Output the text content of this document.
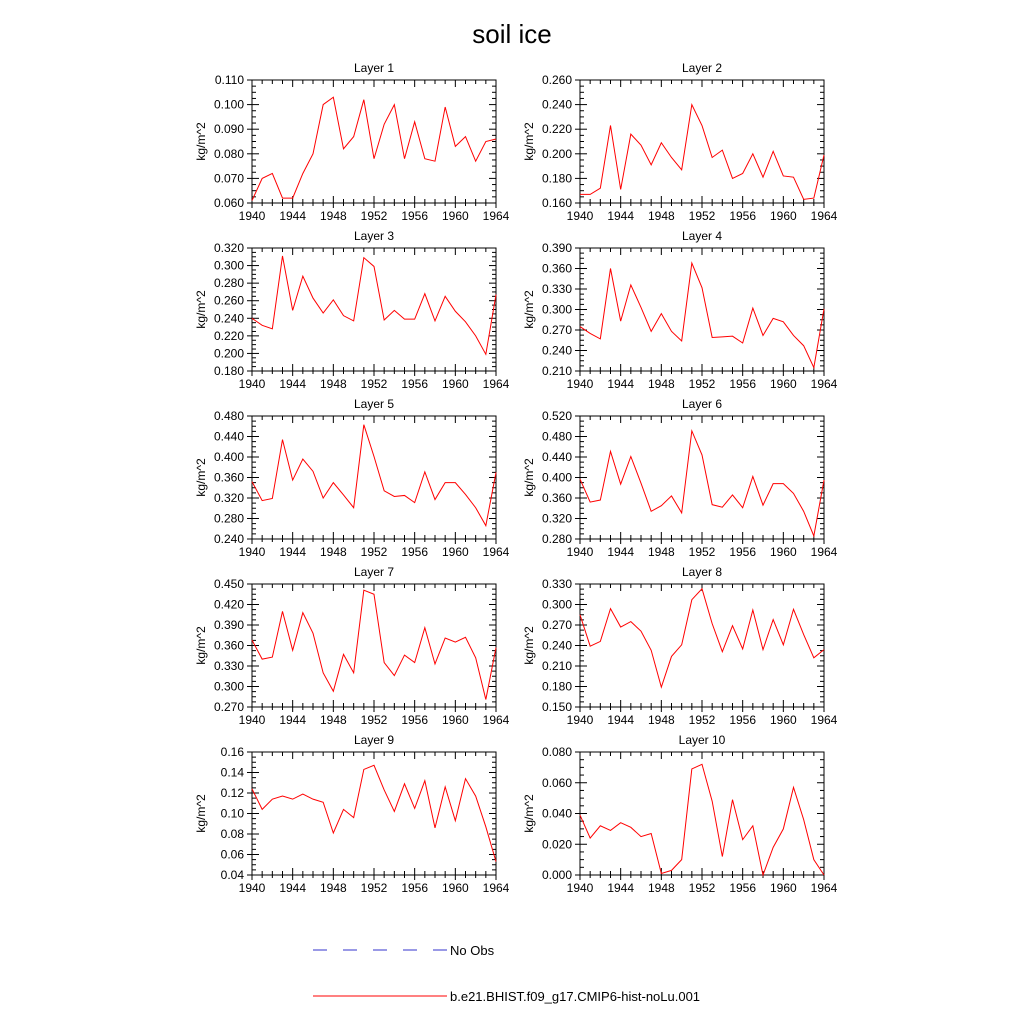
soil ice
Layer 1
1940 1944 1948 1952 1956 1960 1964
0.060
0.070
0.080
0.090
0.100
0.110
kg/m^2
Layer 2
1940 1944 1948 1952 1956 1960 1964
0.160
0.180
0.200
0.220
0.240
0.260
kg/m^2
Layer 3
1940 1944 1948 1952 1956 1960 1964
0.180
0.200
0.220
0.240
0.260
0.280
0.300
0.320
kg/m^2
Layer 4
1940 1944 1948 1952 1956 1960 1964
0.210
0.240
0.270
0.300
0.330
0.360
0.390
kg/m^2
Layer 5
1940 1944 1948 1952 1956 1960 1964
0.240
0.280
0.320
0.360
0.400
0.440
0.480
kg/m^2
Layer 6
1940 1944 1948 1952 1956 1960 1964
0.280
0.320
0.360
0.400
0.440
0.480
0.520
kg/m^2
Layer 7
1940 1944 1948 1952 1956 1960 1964
0.270
0.300
0.330
0.360
0.390
0.420
0.450
kg/m^2
Layer 8
1940 1944 1948 1952 1956 1960 1964
0.150
0.180
0.210
0.240
0.270
0.300
0.330
kg/m^2
Layer 9
1940 1944 1948 1952 1956 1960 1964
0.04
0.06
0.08
0.10
0.12
0.14
0.16
kg/m^2
Layer 10
1940 1944 1948 1952 1956 1960 1964
0.000
0.020
0.040
0.060
0.080
kg/m^2
No Obs
b.e21.BHIST.f09_g17.CMIP6-hist-noLu.001
